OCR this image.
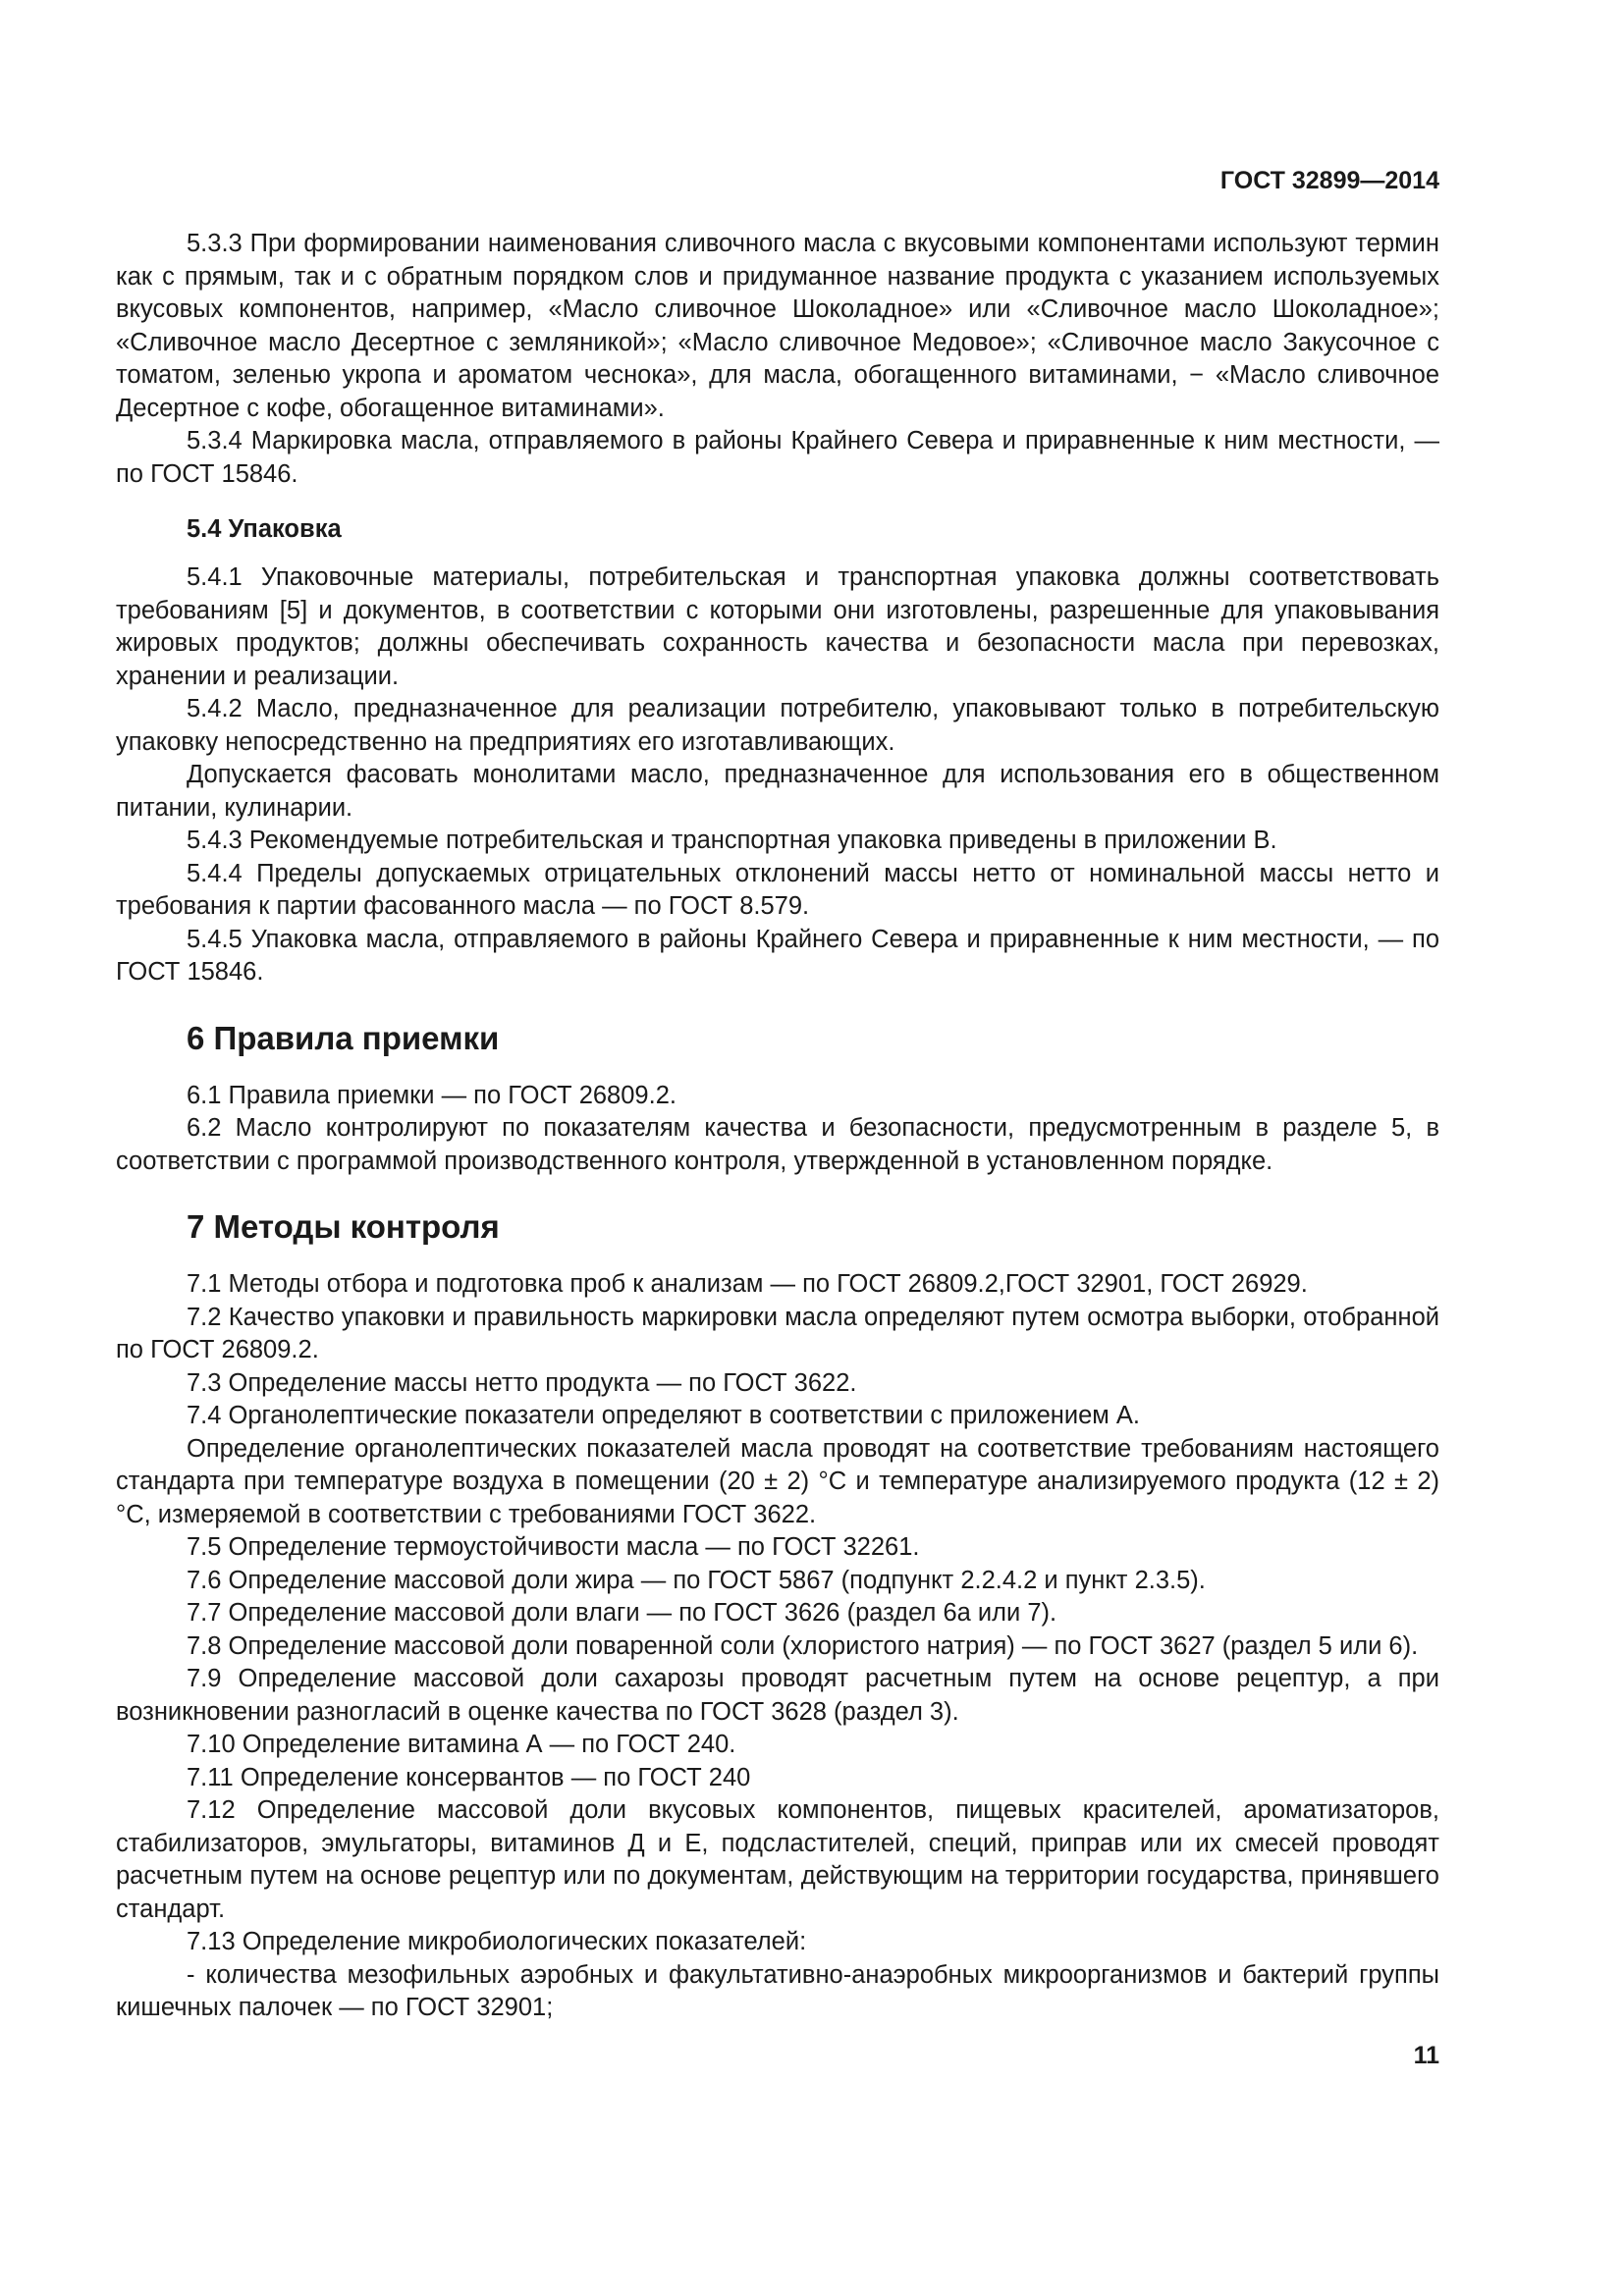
ГОСТ 32899—2014

5.3.3 При формировании наименования сливочного масла с вкусовыми компонентами используют термин как с прямым, так и с обратным порядком слов и придуманное название продукта с указанием используемых вкусовых компонентов, например, «Масло сливочное Шоколадное» или «Сливочное масло Шоколадное»; «Сливочное масло Десертное с земляникой»; «Масло сливочное Медовое»; «Сливочное масло Закусочное с томатом, зеленью укропа и ароматом чеснока», для масла, обогащенного витаминами, − «Масло сливочное Десертное с кофе, обогащенное витаминами».

5.3.4 Маркировка масла, отправляемого в районы Крайнего Севера и приравненные к ним местности, — по ГОСТ 15846.

5.4 Упаковка

5.4.1 Упаковочные материалы, потребительская и транспортная упаковка должны соответствовать требованиям [5] и документов, в соответствии с которыми они изготовлены, разрешенные для упаковывания жировых продуктов; должны обеспечивать сохранность качества и безопасности масла при перевозках, хранении и реализации.

5.4.2 Масло, предназначенное для реализации потребителю, упаковывают только в потребительскую упаковку непосредственно на предприятиях его изготавливающих.

Допускается фасовать монолитами масло, предназначенное для использования его в общественном питании, кулинарии.

5.4.3 Рекомендуемые потребительская и транспортная упаковка приведены в приложении В.

5.4.4 Пределы допускаемых отрицательных отклонений массы нетто от номинальной массы нетто и требования к партии фасованного масла — по ГОСТ 8.579.

5.4.5 Упаковка масла, отправляемого в районы Крайнего Севера и приравненные к ним местности, — по ГОСТ 15846.

6 Правила приемки

6.1 Правила приемки — по ГОСТ 26809.2.

6.2 Масло контролируют по показателям качества и безопасности, предусмотренным в разделе 5, в соответствии с программой производственного контроля, утвержденной в установленном порядке.

7 Методы контроля

7.1 Методы отбора и подготовка проб к анализам — по ГОСТ 26809.2,ГОСТ 32901, ГОСТ 26929.

7.2 Качество упаковки и правильность маркировки масла определяют путем осмотра выборки, отобранной по ГОСТ 26809.2.

7.3 Определение массы нетто продукта — по ГОСТ 3622.

7.4 Органолептические показатели определяют в соответствии с приложением А.

Определение органолептических показателей масла проводят на соответствие требованиям настоящего стандарта при температуре воздуха в помещении (20 ± 2) °С и температуре анализируемого продукта (12 ± 2) °С, измеряемой в соответствии с требованиями ГОСТ 3622.

7.5 Определение термоустойчивости масла — по ГОСТ 32261.

7.6 Определение массовой доли жира — по ГОСТ 5867 (подпункт 2.2.4.2 и пункт 2.3.5).

7.7 Определение массовой доли влаги — по ГОСТ 3626 (раздел 6а или 7).

7.8 Определение массовой доли поваренной соли (хлористого натрия) — по ГОСТ 3627 (раздел 5 или 6).

7.9 Определение массовой доли сахарозы проводят расчетным путем на основе рецептур, а при возникновении разногласий в оценке качества по ГОСТ 3628 (раздел 3).

7.10 Определение витамина А — по ГОСТ 240.

7.11 Определение консервантов — по ГОСТ 240

7.12 Определение массовой доли вкусовых компонентов, пищевых красителей, ароматизаторов, стабилизаторов, эмульгаторы, витаминов Д и Е, подсластителей, специй, приправ или их смесей проводят расчетным путем на основе рецептур или по документам, действующим на территории государства, принявшего стандарт.

7.13 Определение микробиологических показателей:

- количества мезофильных аэробных и факультативно-анаэробных микроорганизмов и бактерий группы кишечных палочек — по ГОСТ 32901;

11
